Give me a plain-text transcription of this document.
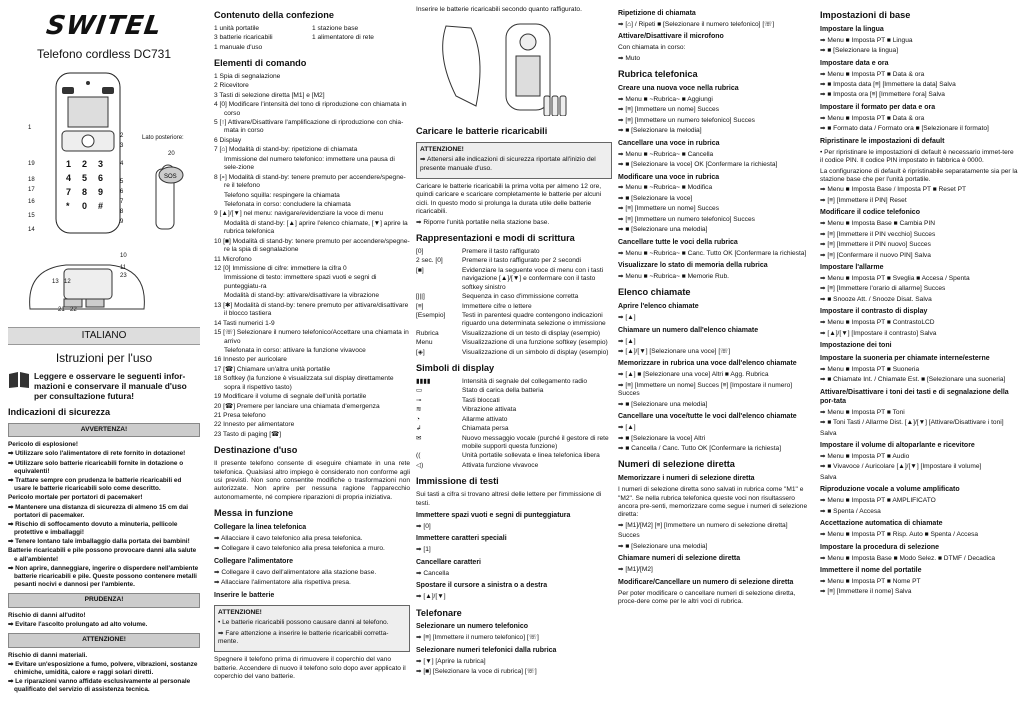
SWITEL
Telefono cordless DC731
1 2 3
4 5 6
7 8 9
* 0 #
Lato posteriore:
SOS
1
2
3
4
5
6
7
8
9
10
11
12
13
14
15
16
17
18
19
20
21 22
23
ITALIANO
Istruzioni per l'uso
Leggere e osservare le seguenti infor-mazioni e conservare il manuale d'uso per consultazione futura!
Indicazioni di sicurezza
AVVERTENZA!

Pericolo di esplosione!

➡ Utilizzare solo l'alimentatore di rete fornito in dotazione!

➡ Utilizzare solo batterie ricaricabili fornite in dotazione o equivalenti!

➡ Trattare sempre con prudenza le batterie ricaricabili ed usare le batterie ricaricabili solo come descritto.

Pericolo mortale per portatori di pacemaker!

➡ Mantenere una distanza di sicurezza di almeno 15 cm dai portatori di pacemaker.

➡ Rischio di soffocamento dovuto a minuteria, pellicole protettive e imballaggi!

➡ Tenere lontano tale imballaggio dalla portata dei bambini!

Batterie ricaricabili e pile possono provocare danni alla salute e all'ambiente!

➡ Non aprire, danneggiare, ingerire o disperdere nell'ambiente batterie ricaricabili e pile. Queste possono contenere metalli pesanti nocivi e dannosi per l'ambiente.

PRUDENZA!

Rischio di danni all'udito!

➡ Evitare l'ascolto prolungato ad alto volume.

ATTENZIONE!

Rischio di danni materiali.

➡ Evitare un'esposizione a fumo, polvere, vibrazioni, sostanze chimiche, umidità, calore e raggi solari diretti.

➡ Le riparazioni vanno affidate esclusivamente al personale qualificato del servizio di assistenza tecnica.

Contenuto della confezione
1 unità portatile	1 stazione base
3 batterie ricaricabili	1 alimentatore di rete
1 manuale d'uso
Elementi di comando

1 Spia di segnalazione

2 Ricevitore

3 Tasti di selezione diretta [M1] e [M2]

4 [0] Modificare l'intensità del tono di riproduzione con chiamata in corso

5 [↑] Attivare/Disattivare l'amplificazione di riproduzione con chia-mata in corso

6 Display

7 [⌂] Modalità di stand-by: ripetizione di chiamata

Immissione del numero telefonico: immettere una pausa di sele-zione

8 [⌕] Modalità di stand-by: tenere premuto per accendere/spegne-re il telefono

Telefono squilla: respingere la chiamata

Telefonata in corso: concludere la chiamata

9 [▲]/[▼] nel menu: navigare/evidenziare la voce di menu

Modalità di stand-by: [▲] aprire l'elenco chiamate, [▼] aprire la rubrica telefonica

10 [■] Modalità di stand-by: tenere premuto per accendere/spegne-re la spia di segnalazione

11 Microfono

12 [0] Immissione di cifre: immettere la cifra 0

Immissione di testo: immettere spazi vuoti e segni di punteggiatu-ra

Modalità di stand-by: attivare/disattivare la vibrazione

13 [✱] Modalità di stand-by: tenere premuto per attivare/disattivare il blocco tastiera

14 Tasti numerici 1-9

15 [☏] Selezionare il numero telefonico/Accettare una chiamata in arrivo

Telefonata in corso: attivare la funzione vivavoce

16 Innesto per auricolare

17 [☎] Chiamare un'altra unità portatile

18 Softkey (la funzione è visualizzata sul display direttamente sopra il rispettivo tasto)

19 Modificare il volume di segnale dell'unità portatile

20 [☎] Premere per lanciare una chiamata d'emergenza

21 Presa telefono

22 Innesto per alimentatore

23 Tasto di paging [☎]

Destinazione d'uso

Il presente telefono consente di eseguire chiamate in una rete telefonica. Qualsiasi altro impiego è considerato non conforme agli usi previsti. Non sono consentite modifiche o trasformazioni non autorizzate. Non aprire per nessuna ragione l'apparecchio autonomamente, né compiere riparazioni di propria iniziativa.

Messa in funzione
Collegare la linea telefonica

➡ Allacciare il cavo telefonico alla presa telefonica.

➡ Collegare il cavo telefonico alla presa telefonica a muro.

Collegare l'alimentatore

➡ Collegare il cavo dell'alimentatore alla stazione base.

➡ Allacciare l'alimentatore alla rispettiva presa.

Inserire le batterie
ATTENZIONE!

• Le batterie ricaricabili possono causare danni al telefono.

➡ Fare attenzione a inserire le batterie ricaricabili corretta-mente.

Spegnere il telefono prima di rimuovere il coperchio del vano batterie. Accendere di nuovo il telefono solo dopo aver applicato il coperchio del vano batterie.

Inserire le batterie ricaricabili secondo quanto raffigurato.

Caricare le batterie ricaricabili
ATTENZIONE!

➡ Attenersi alle indicazioni di sicurezza riportate all'inizio del presente manuale d'uso.

Caricare le batterie ricaricabili la prima volta per almeno 12 ore, quindi caricare e scaricare completamente le batterie per alcuni cicli. In questo modo si prolunga la durata utile delle batterie ricaricabili.

➡ Riporre l'unità portatile nella stazione base.

Rappresentazioni e modi di scrittura
[0]	Premere il tasto raffigurato
2 sec. [0]	Premere il tasto raffigurato per 2 secondi
[■]	Evidenziare la seguente voce di menu con i tasti navigazione [▲]/[▼] e confermare con il tasto softkey sinistro
[|||]	Sequenza in caso d'immissione corretta
[≡]	Immettere cifre o lettere
[Esempio]	Testi in parentesi quadre contengono indicazioni riguardo una determinata selezione o immissione
Rubrica	Visualizzazione di un testo di display (esempio)
Menu	Visualizzazione di una funzione softkey (esempio)
[◈]	Visualizzazione di un simbolo di display (esempio)
Simboli di display
▮▮▮▮	Intensità di segnale del collegamento radio
▭	Stato di carica della batteria
⊸	Tasti bloccati
≋	Vibrazione attivata
◔	Allarme attivato
↲	Chiamata persa
✉	Nuovo messaggio vocale (purché il gestore di rete mobile supporti questa funzione)
((	Unità portatile sollevata e linea telefonica libera
◁)	Attivata funzione vivavoce
Immissione di testi

Sui tasti a cifra si trovano altresì delle lettere per l'immissione di testi.

Immettere spazi vuoti e segni di punteggiatura

➡ [0]

Immettere caratteri speciali

➡ [1]

Cancellare caratteri

➡ Cancella

Spostare il cursore a sinistra o a destra

➡ [▲]/[▼]

Telefonare
Selezionare un numero telefonico

➡ [≡] [Immettere il numero telefonico] [☏]

Selezionare numeri telefonici dalla rubrica

➡ [▼] [Aprire la rubrica]

➡ [■] [Selezionare la voce di rubrica] [☏]

Ripetizione di chiamata

➡ [⌂] / Ripeti ■ [Selezionare il numero telefonico] [☏]

Attivare/Disattivare il microfono

Con chiamata in corso:

➡ Muto

Rubrica telefonica
Creare una nuova voce nella rubrica

➡ Menu ■ ~Rubrica~ ■ Aggiungi

➡ [≡] [Immettere un nome] Succes

➡ [≡] [Immettere un numero telefonico] Succes

➡ ■ [Selezionare la melodia]

Cancellare una voce in rubrica

➡ Menu ■ ~Rubrica~ ■ Cancella

➡ ■ [Selezionare la voce] OK [Confermare la richiesta]

Modificare una voce in rubrica

➡ Menu ■ ~Rubrica~ ■ Modifica

➡ ■ [Selezionare la voce]

➡ [≡] [Immettere un nome] Succes

➡ [≡] [Immettere un numero telefonico] Succes

➡ ■ [Selezionare una melodia]

Cancellare tutte le voci della rubrica

➡ Menu ■ ~Rubrica~ ■ Canc. Tutto OK [Confermare la richiesta]

Visualizzare lo stato di memoria della rubrica

➡ Menu ■ ~Rubrica~ ■ Memorie Rub.

Elenco chiamate
Aprire l'elenco chiamate

➡ [▲]

Chiamare un numero dall'elenco chiamate

➡ [▲]

➡ [▲]/[▼] [Selezionare una voce] [☏]

Memorizzare in rubrica una voce dall'elenco chiamate

➡ [▲] ■ [Selezionare una voce] Altri ■ Agg. Rubrica

➡ [≡] [Immettere un nome] Succes [≡] [Impostare il numero] Succes

➡ ■ [Selezionare una melodia]

Cancellare una voce/tutte le voci dall'elenco chiamate

➡ [▲]

➡ ■ [Selezionare la voce] Altri

➡ ■ Cancella / Canc. Tutto OK [Confermare la richiesta]

Numeri di selezione diretta
Memorizzare i numeri di selezione diretta

I numeri di selezione diretta sono salvati in rubrica come "M1" e "M2". Se nella rubrica telefonica queste voci non risultassero ancora pre-senti, memorizzare come segue i numeri di selezione diretta:

➡ [M1]/[M2] [≡] [Immettere un numero di selezione diretta]

Succes

➡ ■ [Selezionare una melodia]

Chiamare numeri di selezione diretta

➡ [M1]/[M2]

Modificare/Cancellare un numero di selezione diretta

Per poter modificare o cancellare numeri di selezione diretta, proce-dere come per le altri voci di rubrica.

Impostazioni di base
Impostare la lingua

➡ Menu ■ Imposta PT ■ Lingua

➡ ■ [Selezionare la lingua]

Impostare data e ora

➡ Menu ■ Imposta PT ■ Data & ora

➡ ■ Imposta data [≡] [Immettere la data] Salva

➡ ■ Imposta ora [≡] [Immettere l'ora] Salva

Impostare il formato per data e ora

➡ Menu ■ Imposta PT ■ Data & ora

➡ ■ Formato data / Formato ora ■ [Selezionare il formato]

Ripristinare le impostazioni di default

• Per ripristinare le impostazioni di default è necessario immet-tere il codice PIN. Il codice PIN impostato in fabbrica è 0000.

La configurazione di default è ripristinabile separatamente sia per la stazione base che per l'unità portatile.

➡ Menu ■ Imposta Base / Imposta PT ■ Reset PT

➡ [≡] [Immettere il PIN] Reset

Modificare il codice telefonico

➡ Menu ■ Imposta Base ■ Cambia PIN

➡ [≡] [Immettere il PIN vecchio] Succes

➡ [≡] [Immettere il PIN nuovo] Succes

➡ [≡] [Confermare il nuovo PIN] Salva

Impostare l'allarme

➡ Menu ■ Imposta PT ■ Sveglia ■ Accesa / Spenta

➡ [≡] [Immettere l'orario di allarme] Succes

➡ ■ Snooze Att. / Snooze Disat. Salva

Impostare il contrasto di display

➡ Menu ■ Imposta PT ■ ContrastoLCD

➡ [▲]/[▼] [Impostare il contrasto] Salva

Impostazione dei toni
Impostare la suoneria per chiamate interne/esterne

➡ Menu ■ Imposta PT ■ Suoneria

➡ ■ Chiamate Int. / Chiamate Est. ■ [Selezionare una suoneria]

Attivare/Disattivare i toni dei tasti e di segnalazione della por-tata

➡ Menu ■ Imposta PT ■ Toni

➡ ■ Toni Tasti / Allarme Dist. [▲]/[▼] [Attivare/Disattivare i toni]

Salva

Impostare il volume di altoparlante e ricevitore

➡ Menu ■ Imposta PT ■ Audio

➡ ■ Vivavoce / Auricolare [▲]/[▼] [Impostare il volume]

Salva

Riproduzione vocale a volume amplificato

➡ Menu ■ Imposta PT ■ AMPLIFICATO

➡ ■ Spenta / Accesa

Accettazione automatica di chiamate

➡ Menu ■ Imposta PT ■ Risp. Auto ■ Spenta / Accesa

Impostare la procedura di selezione

➡ Menu ■ Imposta Base ■ Modo Selez. ■ DTMF / Decadica

Immettere il nome del portatile

➡ Menu ■ Imposta PT ■ Nome PT

➡ [≡] [Immettere il nome] Salva
